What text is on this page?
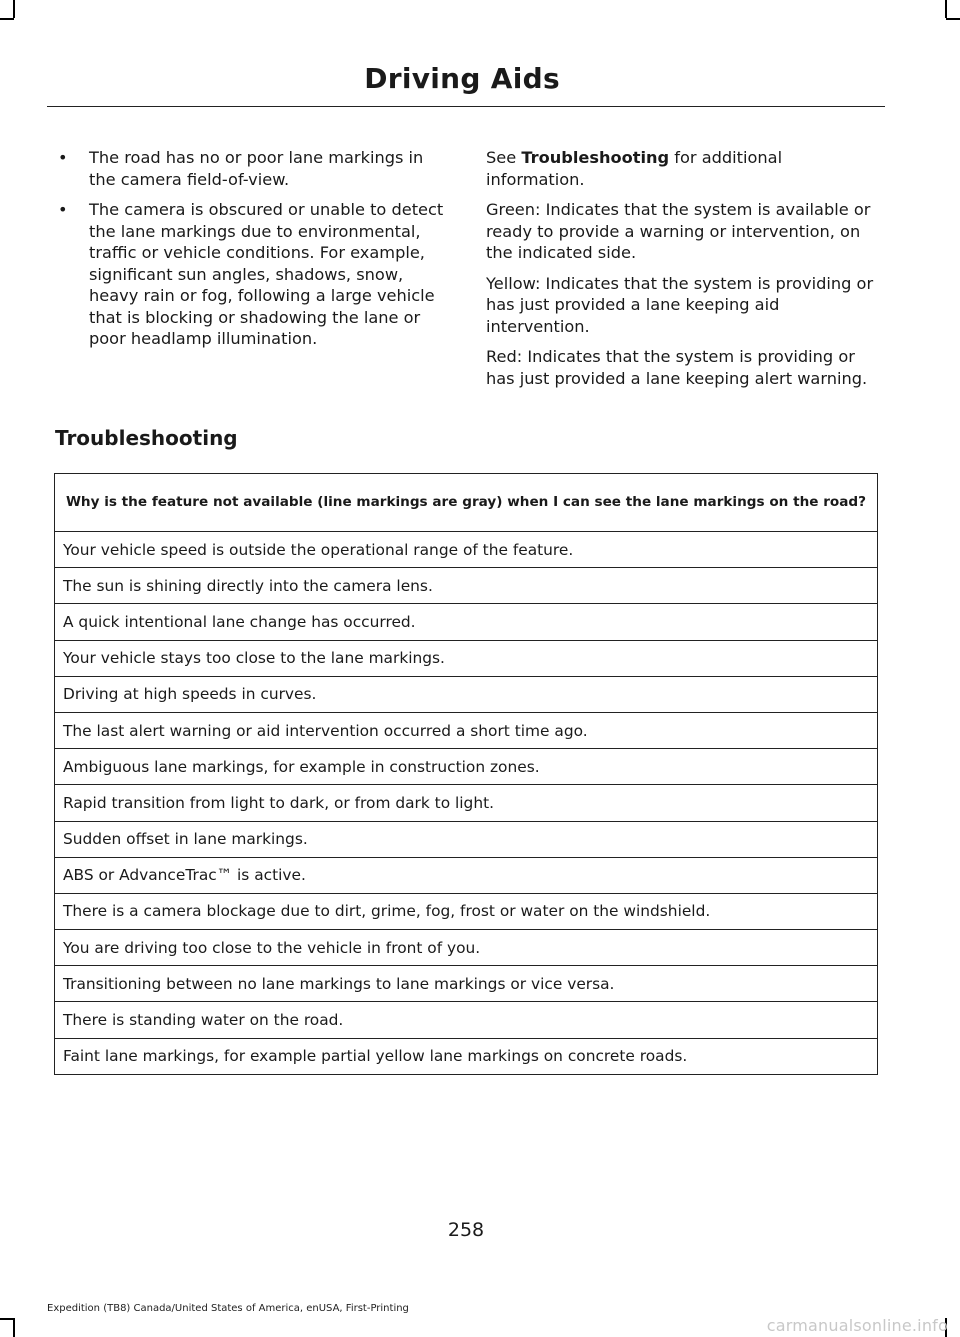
Driving Aids
• The road has no or poor lane markings in the camera field-of-view.
• The camera is obscured or unable to detect the lane markings due to environmental, traffic or vehicle conditions. For example, significant sun angles, shadows, snow, heavy rain or fog, following a large vehicle that is blocking or shadowing the lane or poor headlamp illumination.

See Troubleshooting for additional information.

Green: Indicates that the system is available or ready to provide a warning or intervention, on the indicated side.

Yellow: Indicates that the system is providing or has just provided a lane keeping aid intervention.

Red: Indicates that the system is providing or has just provided a lane keeping alert warning.

Troubleshooting
Why is the feature not available (line markings are gray) when I can see the lane markings on the road?
Your vehicle speed is outside the operational range of the feature.
The sun is shining directly into the camera lens.
A quick intentional lane change has occurred.
Your vehicle stays too close to the lane markings.
Driving at high speeds in curves.
The last alert warning or aid intervention occurred a short time ago.
Ambiguous lane markings, for example in construction zones.
Rapid transition from light to dark, or from dark to light.
Sudden offset in lane markings.
ABS or AdvanceTrac™ is active.
There is a camera blockage due to dirt, grime, fog, frost or water on the windshield.
You are driving too close to the vehicle in front of you.
Transitioning between no lane markings to lane markings or vice versa.
There is standing water on the road.
Faint lane markings, for example partial yellow lane markings on concrete roads.
258
Expedition (TB8) Canada/United States of America, enUSA, First-Printing
carmanualsonline.info
